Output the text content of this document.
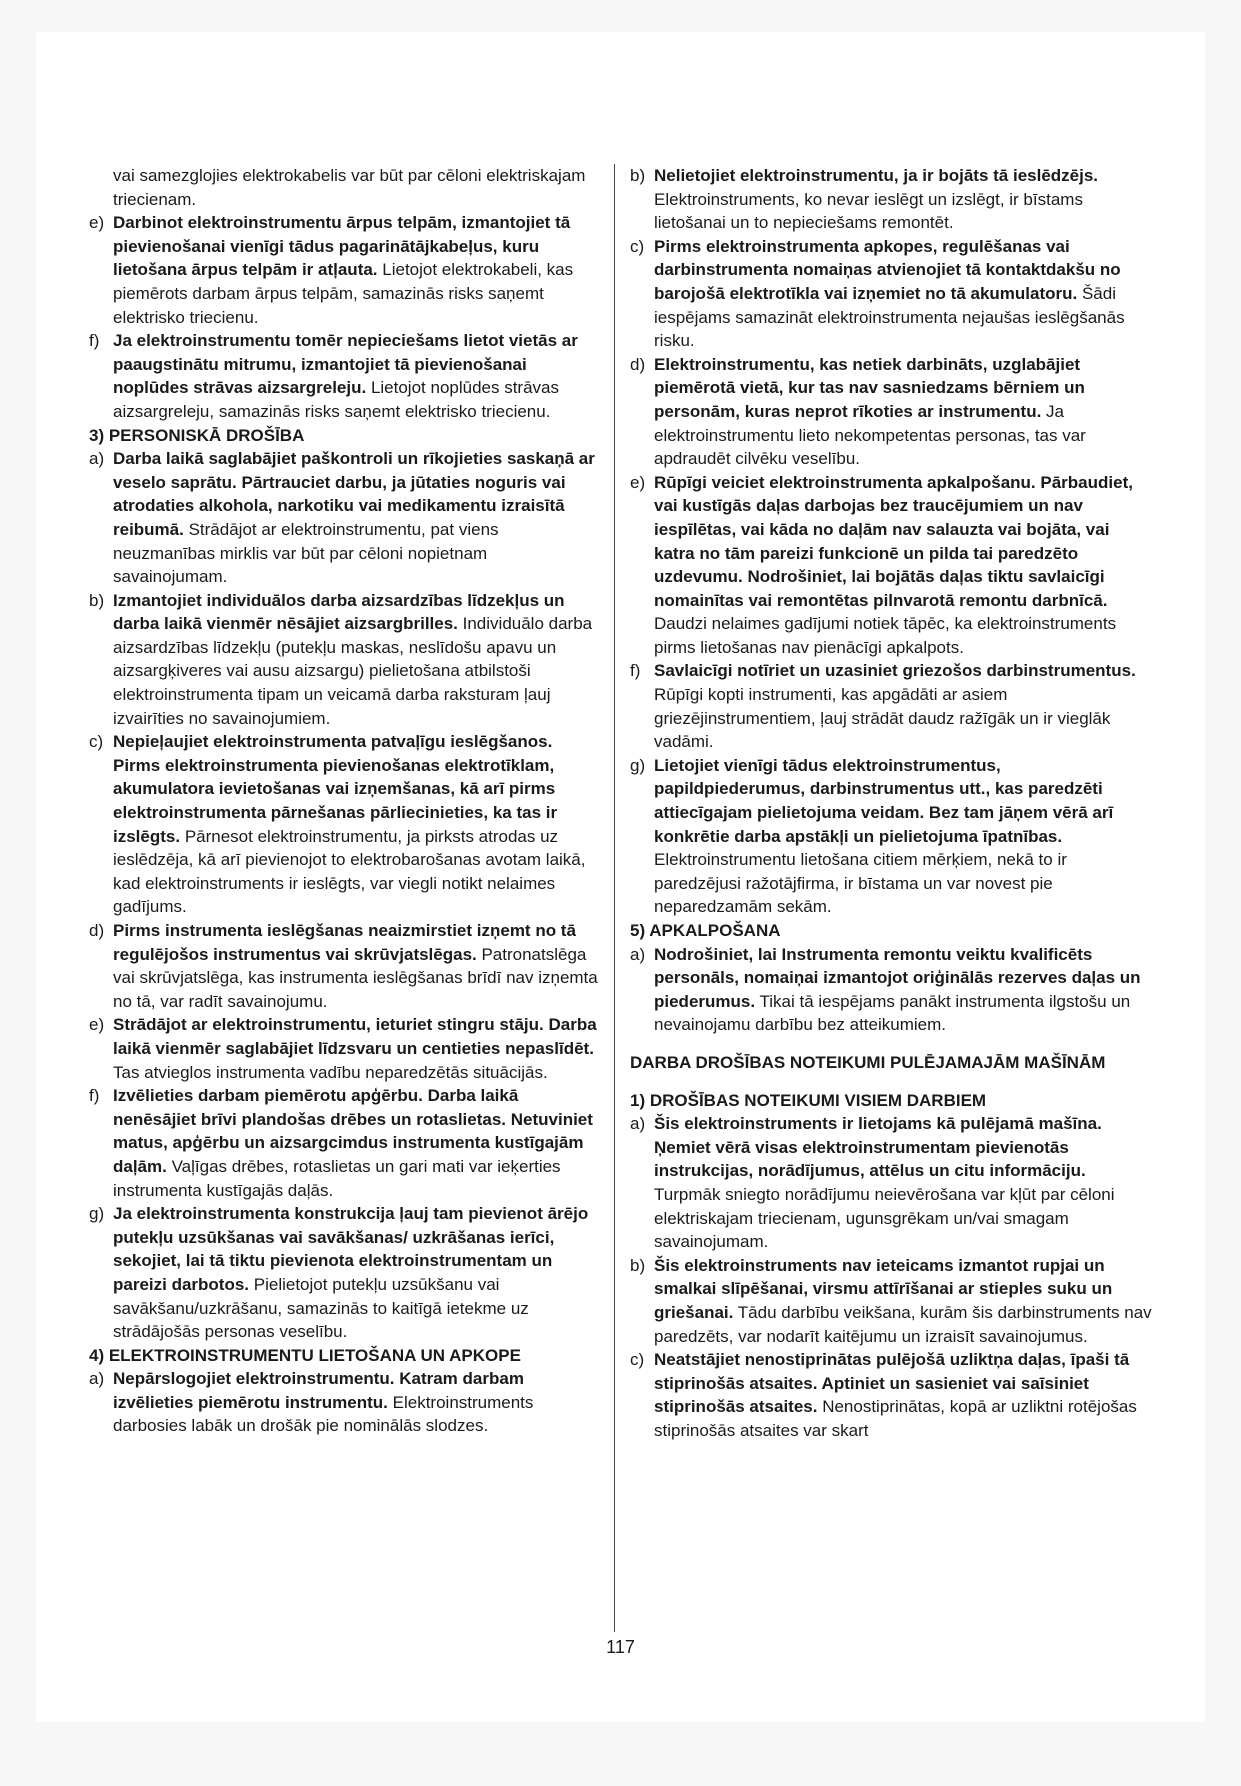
vai samezglojies elektrokabelis var būt par cēloni elektriskajam triecienam.

e) Darbinot elektroinstrumentu ārpus telpām, izmantojiet tā pievienošanai vienīgi tādus pagarinātājkabeļus, kuru lietošana ārpus telpām ir atļauta. Lietojot elektrokabeli, kas piemērots darbam ārpus telpām, samazinās risks saņemt elektrisko triecienu.

f) Ja elektroinstrumentu tomēr nepieciešams lietot vietās ar paaugstinātu mitrumu, izmantojiet tā pievienošanai noplūdes strāvas aizsargreleju. Lietojot noplūdes strāvas aizsargreleju, samazinās risks saņemt elektrisko triecienu.

3) PERSONISKĀ DROŠĪBA

a) Darba laikā saglabājiet paškontroli un rīkojieties saskaņā ar veselo saprātu. Pārtrauciet darbu, ja jūtaties noguris vai atrodaties alkohola, narkotiku vai medikamentu izraisītā reibumā. Strādājot ar elektroinstrumentu, pat viens neuzmanības mirklis var būt par cēloni nopietnam savainojumam.

b) Izmantojiet individuālos darba aizsardzības līdzekļus un darba laikā vienmēr nēsājiet aizsargbrilles. Individuālo darba aizsardzības līdzekļu (putekļu maskas, neslīdošu apavu un aizsargķiveres vai ausu aizsargu) pielietošana atbilstoši elektroinstrumenta tipam un veicamā darba raksturam ļauj izvairīties no savainojumiem.

c) Nepieļaujiet elektroinstrumenta patvaļīgu ieslēgšanos. Pirms elektroinstrumenta pievienošanas elektrotīklam, akumulatora ievietošanas vai izņemšanas, kā arī pirms elektroinstrumenta pārnešanas pārliecinieties, ka tas ir izslēgts. Pārnesot elektroinstrumentu, ja pirksts atrodas uz ieslēdzēja, kā arī pievienojot to elektrobarošanas avotam laikā, kad elektroinstruments ir ieslēgts, var viegli notikt nelaimes gadījums.

d) Pirms instrumenta ieslēgšanas neaizmirstiet izņemt no tā regulējošos instrumentus vai skrūvjatslēgas. Patronatslēga vai skrūvjatslēga, kas instrumenta ieslēgšanas brīdī nav izņemta no tā, var radīt savainojumu.

e) Strādājot ar elektroinstrumentu, ieturiet stingru stāju. Darba laikā vienmēr saglabājiet līdzsvaru un centieties nepaslīdēt. Tas atvieglos instrumenta vadību neparedzētās situācijās.

f) Izvēlieties darbam piemērotu apģērbu. Darba laikā nenēsājiet brīvi plandošas drēbes un rotaslietas. Netuviniet matus, apģērbu un aizsargcimdus instrumenta kustīgajām daļām. Vaļīgas drēbes, rotaslietas un gari mati var ieķerties instrumenta kustīgajās daļās.

g) Ja elektroinstrumenta konstrukcija ļauj tam pievienot ārējo putekļu uzsūkšanas vai savākšanas/ uzkrāšanas ierīci, sekojiet, lai tā tiktu pievienota elektroinstrumentam un pareizi darbotos. Pielietojot putekļu uzsūkšanu vai savākšanu/uzkrāšanu, samazinās to kaitīgā ietekme uz strādājošās personas veselību.

4) ELEKTROINSTRUMENTU LIETOŠANA UN APKOPE

a) Nepārslogojiet elektroinstrumentu. Katram darbam izvēlieties piemērotu instrumentu. Elektroinstruments darbosies labāk un drošāk pie nominālās slodzes.

b) Nelietojiet elektroinstrumentu, ja ir bojāts tā ieslēdzējs. Elektroinstruments, ko nevar ieslēgt un izslēgt, ir bīstams lietošanai un to nepieciešams remontēt.

c) Pirms elektroinstrumenta apkopes, regulēšanas vai darbinstrumenta nomaiņas atvienojiet tā kontaktdakšu no barojošā elektrotīkla vai izņemiet no tā akumulatoru. Šādi iespējams samazināt elektroinstrumenta nejaušas ieslēgšanās risku.

d) Elektroinstrumentu, kas netiek darbināts, uzglabājiet piemērotā vietā, kur tas nav sasniedzams bērniem un personām, kuras neprot rīkoties ar instrumentu. Ja elektroinstrumentu lieto nekompetentas personas, tas var apdraudēt cilvēku veselību.

e) Rūpīgi veiciet elektroinstrumenta apkalpošanu. Pārbaudiet, vai kustīgās daļas darbojas bez traucējumiem un nav iespīlētas, vai kāda no daļām nav salauzta vai bojāta, vai katra no tām pareizi funkcionē un pilda tai paredzēto uzdevumu. Nodrošiniet, lai bojātās daļas tiktu savlaicīgi nomainītas vai remontētas pilnvarotā remontu darbnīcā. Daudzi nelaimes gadījumi notiek tāpēc, ka elektroinstruments pirms lietošanas nav pienācīgi apkalpots.

f) Savlaicīgi notīriet un uzasiniet griezošos darbinstrumentus. Rūpīgi kopti instrumenti, kas apgādāti ar asiem griezējinstrumentiem, ļauj strādāt daudz ražīgāk un ir vieglāk vadāmi.

g) Lietojiet vienīgi tādus elektroinstrumentus, papildpiederumus, darbinstrumentus utt., kas paredzēti attiecīgajam pielietojuma veidam. Bez tam jāņem vērā arī konkrētie darba apstākļi un pielietojuma īpatnības. Elektroinstrumentu lietošana citiem mērķiem, nekā to ir paredzējusi ražotājfirma, ir bīstama un var novest pie neparedzamām sekām.

5) APKALPOŠANA

a) Nodrošiniet, lai Instrumenta remontu veiktu kvalificēts personāls, nomaiņai izmantojot oriģinālās rezerves daļas un piederumus. Tikai tā iespējams panākt instrumenta ilgstošu un nevainojamu darbību bez atteikumiem.

DARBA DROŠĪBAS NOTEIKUMI PULĒJAMAJĀM MAŠĪNĀM

1) DROŠĪBAS NOTEIKUMI VISIEM DARBIEM

a) Šis elektroinstruments ir lietojams kā pulējamā mašīna. Ņemiet vērā visas elektroinstrumentam pievienotās instrukcijas, norādījumus, attēlus un citu informāciju. Turpmāk sniegto norādījumu neievērošana var kļūt par cēloni elektriskajam triecienam, ugunsgrēkam un/vai smagam savainojumam.

b) Šis elektroinstruments nav ieteicams izmantot rupjai un smalkai slīpēšanai, virsmu attīrīšanai ar stieples suku un griešanai. Tādu darbību veikšana, kurām šis darbinstruments nav paredzēts, var nodarīt kaitējumu un izraisīt savainojumus.

c) Neatstājiet nenostiprinātas pulējošā uzliktņa daļas, īpaši tā stiprinošās atsaites. Aptiniet un sasieniet vai saīsiniet stiprinošās atsaites. Nenostiprinātas, kopā ar uzliktni rotējošas stiprinošās atsaites var skart

117
